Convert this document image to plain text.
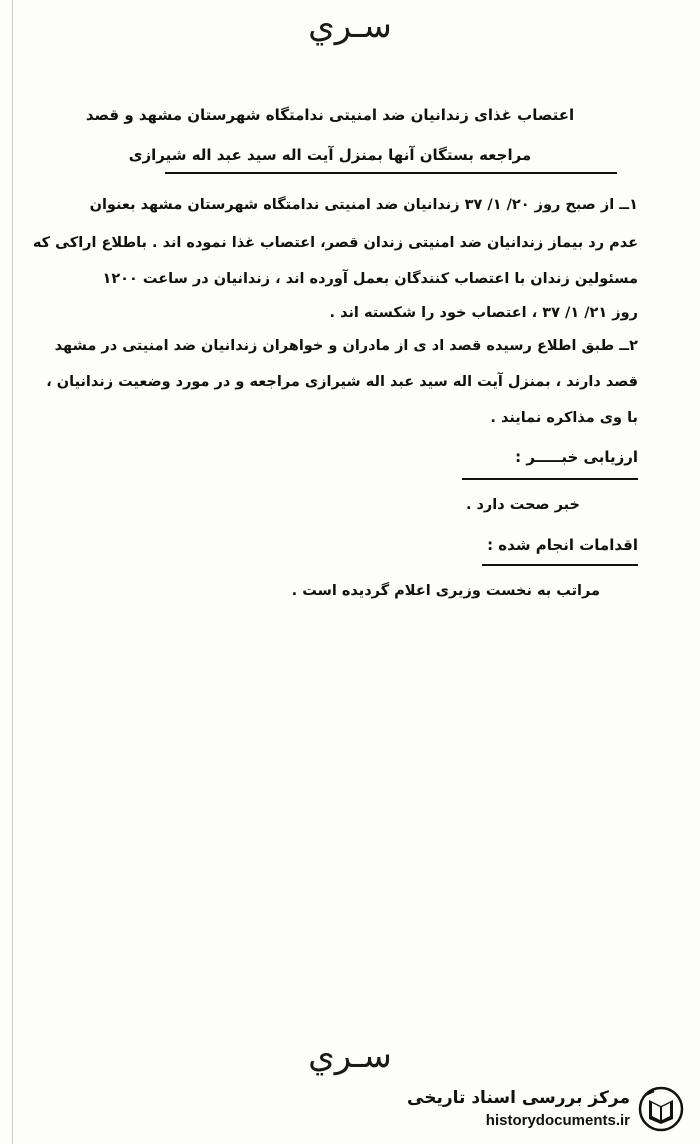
سـري
اعتصاب غذای زندانیان ضد امنیتی ندامتگاه شهرستان مشهد و قصد
مراجعه بستگان آنها بمنزل آیت اله سید عبد اله شیرازی
۱ــ از صبح روز ۲۰/ ۱/ ۳۷ زندانیان ضد امنیتی ندامتگاه شهرستان مشهد بعنوان
عدم رد بیماز زندانیان ضد امنیتی زندان قصر، اعتصاب غذا نموده اند . باطلاع اراکی که
مسئولین زندان با اعتصاب کنندگان بعمل آورده اند ، زندانیان در ساعت ۱۲۰۰
روز ۲۱/ ۱/ ۳۷ ، اعتصاب خود را شکسته اند .
۲ــ طبق اطلاع رسیده قصد اد ی از مادران و خواهران زندانیان ضد امنیتی در مشهد
قصد دارند ، بمنزل آیت اله سید عبد اله شیرازی مراجعه و در مورد وضعیت زندانیان ،
با وی مذاکره نمایند .
ارزیابی خبـــــر :
خبر صحت دارد .
اقدامات انجام شده :
مراتب به نخست وزیری اعلام گردیده است .
سـري
مرکز بررسی اسناد تاریخی
historydocuments.ir
